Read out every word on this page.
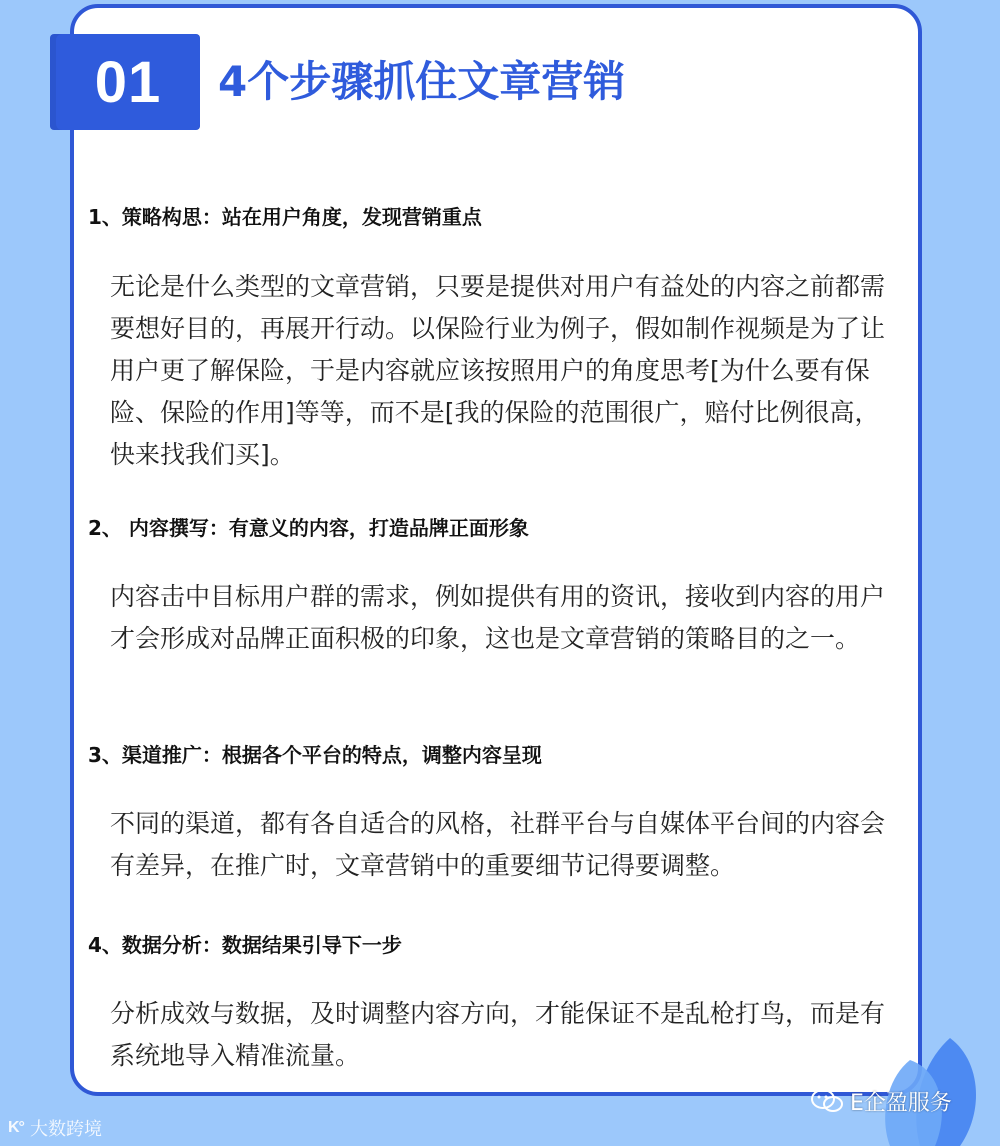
01	4个步骤抓住文章营销
1、策略构思：站在用户角度，发现营销重点
无论是什么类型的文章营销，只要是提供对用户有益处的内容之前都需要想好目的，再展开行动。以保险行业为例子，假如制作视频是为了让用户更了解保险，于是内容就应该按照用户的角度思考[为什么要有保险、保险的作用]等等，而不是[我的保险的范围很广，赔付比例很高，快来找我们买]。
2、 内容撰写：有意义的内容，打造品牌正面形象
内容击中目标用户群的需求，例如提供有用的资讯，接收到内容的用户才会形成对品牌正面积极的印象，这也是文章营销的策略目的之一。
3、渠道推广：根据各个平台的特点，调整内容呈现
不同的渠道，都有各自适合的风格，社群平台与自媒体平台间的内容会有差异，在推广时，文章营销中的重要细节记得要调整。
4、数据分析：数据结果引导下一步
分析成效与数据，及时调整内容方向，才能保证不是乱枪打鸟，而是有系统地导入精准流量。
E企盈服务
K° 大数跨境
